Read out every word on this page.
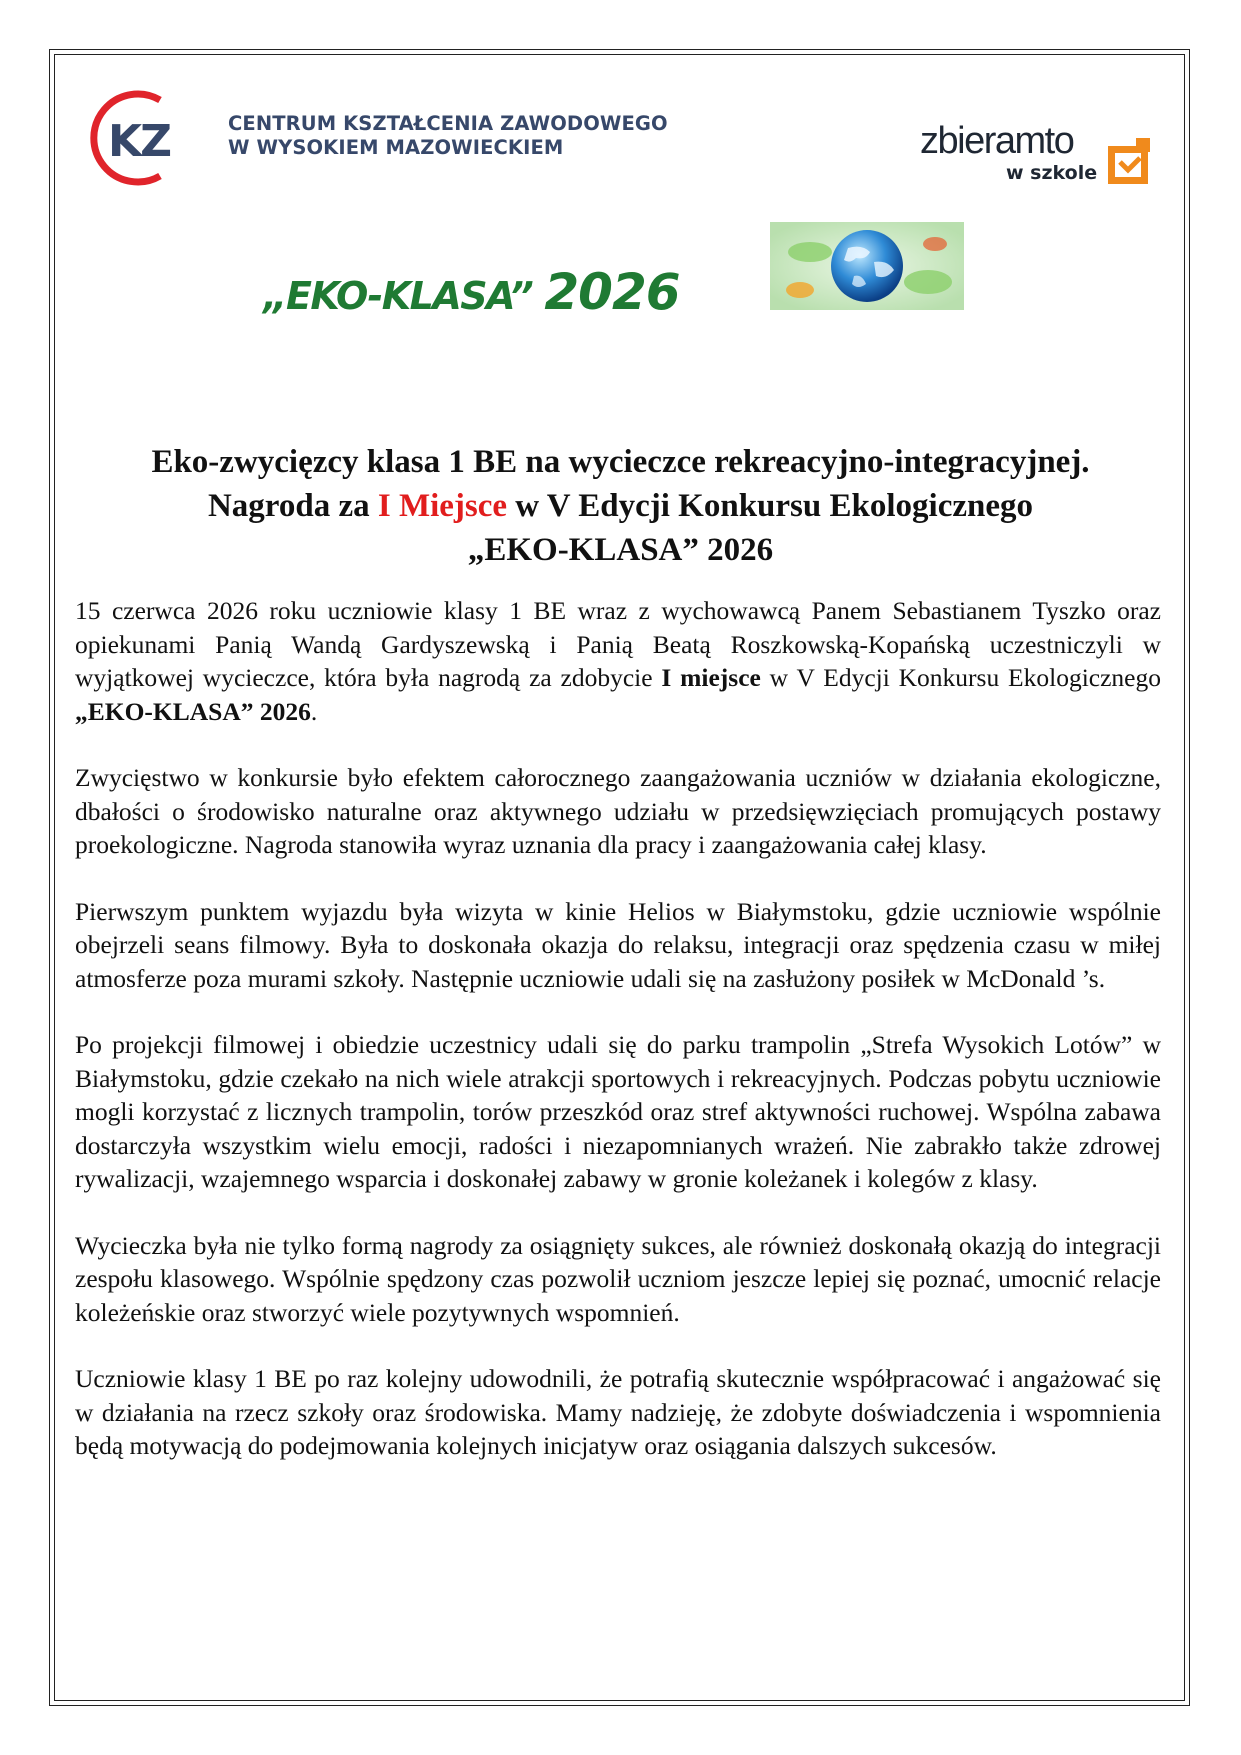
KZ	CENTRUM KSZTAŁCENIA ZAWODOWEGO
W WYSOKIEM MAZOWIECKIEM	zbieramto
w szkole
„EKO-KLASA” 2026
Eko-zwycięzcy klasa 1 BE na wycieczce rekreacyjno-integracyjnej.
Nagroda za I Miejsce w V Edycji Konkursu Ekologicznego
„EKO-KLASA” 2026

15 czerwca 2026 roku uczniowie klasy 1 BE wraz z wychowawcą Panem Sebastianem Tyszko oraz opiekunami Panią Wandą Gardyszewską i Panią Beatą Roszkowską-Kopańską uczestniczyli w wyjątkowej wycieczce, która była nagrodą za zdobycie I miejsce w V Edycji Konkursu Ekologicznego „EKO-KLASA” 2026.

Zwycięstwo w konkursie było efektem całorocznego zaangażowania uczniów w działania ekologiczne, dbałości o środowisko naturalne oraz aktywnego udziału w przedsięwzięciach promujących postawy proekologiczne. Nagroda stanowiła wyraz uznania dla pracy i zaangażowania całej klasy.

Pierwszym punktem wyjazdu była wizyta w kinie Helios w Białymstoku, gdzie uczniowie wspólnie obejrzeli seans filmowy. Była to doskonała okazja do relaksu, integracji oraz spędzenia czasu w miłej atmosferze poza murami szkoły. Następnie uczniowie udali się na zasłużony posiłek w McDonald ’s.

Po projekcji filmowej i obiedzie uczestnicy udali się do parku trampolin „Strefa Wysokich Lotów” w Białymstoku, gdzie czekało na nich wiele atrakcji sportowych i rekreacyjnych. Podczas pobytu uczniowie mogli korzystać z licznych trampolin, torów przeszkód oraz stref aktywności ruchowej. Wspólna zabawa dostarczyła wszystkim wielu emocji, radości i niezapomnianych wrażeń. Nie zabrakło także zdrowej rywalizacji, wzajemnego wsparcia i doskonałej zabawy w gronie koleżanek i kolegów z klasy.

Wycieczka była nie tylko formą nagrody za osiągnięty sukces, ale również doskonałą okazją do integracji zespołu klasowego. Wspólnie spędzony czas pozwolił uczniom jeszcze lepiej się poznać, umocnić relacje koleżeńskie oraz stworzyć wiele pozytywnych wspomnień.

Uczniowie klasy 1 BE po raz kolejny udowodnili, że potrafią skutecznie współpracować i angażować się w działania na rzecz szkoły oraz środowiska. Mamy nadzieję, że zdobyte doświadczenia i wspomnienia będą motywacją do podejmowania kolejnych inicjatyw oraz osiągania dalszych sukcesów.
